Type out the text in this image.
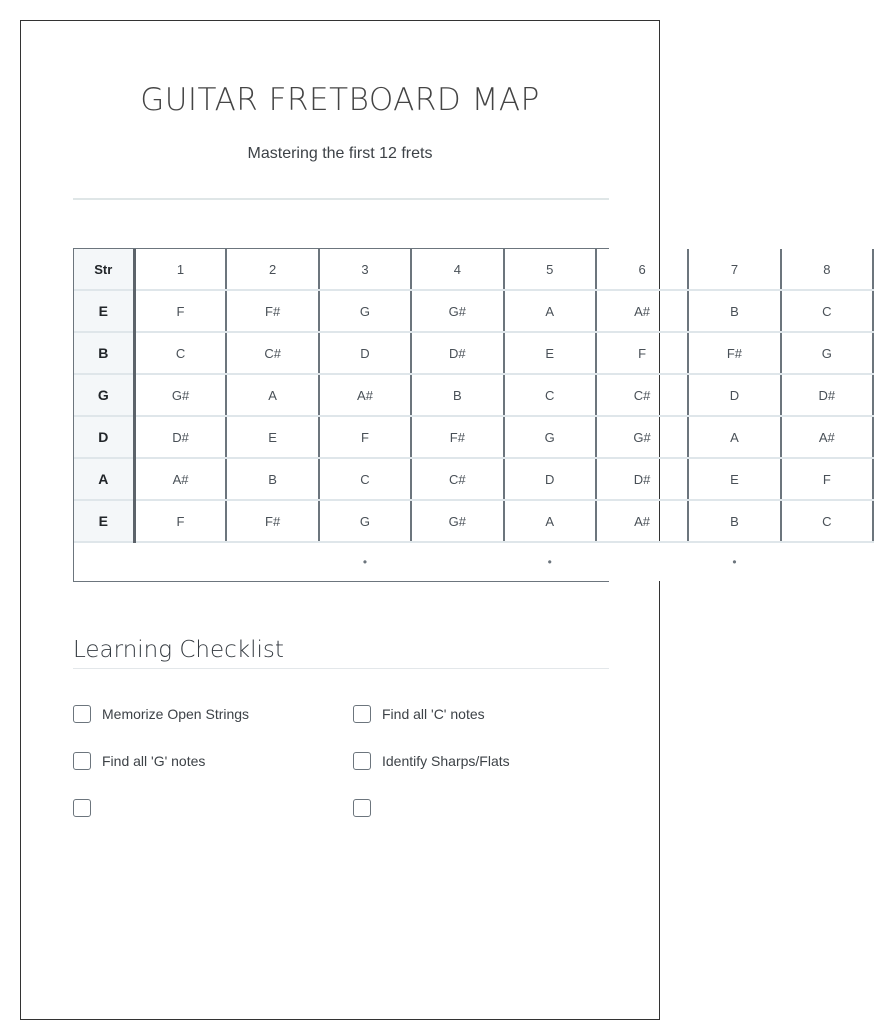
GUITAR FRETBOARD MAP
Mastering the first 12 frets
Str	1	2	3	4	5	6	7	8
E	F	F#	G	G#	A	A#	B	C
B	C	C#	D	D#	E	F	F#	G
G	G#	A	A#	B	C	C#	D	D#
D	D#	E	F	F#	G	G#	A	A#
A	A#	B	C	C#	D	D#	E	F
E	F	F#	G	G#	A	A#	B	C
			•		•		•	
Learning Checklist
Memorize Open Strings	Find all 'C' notes
Find all 'G' notes	Identify Sharps/Flats
